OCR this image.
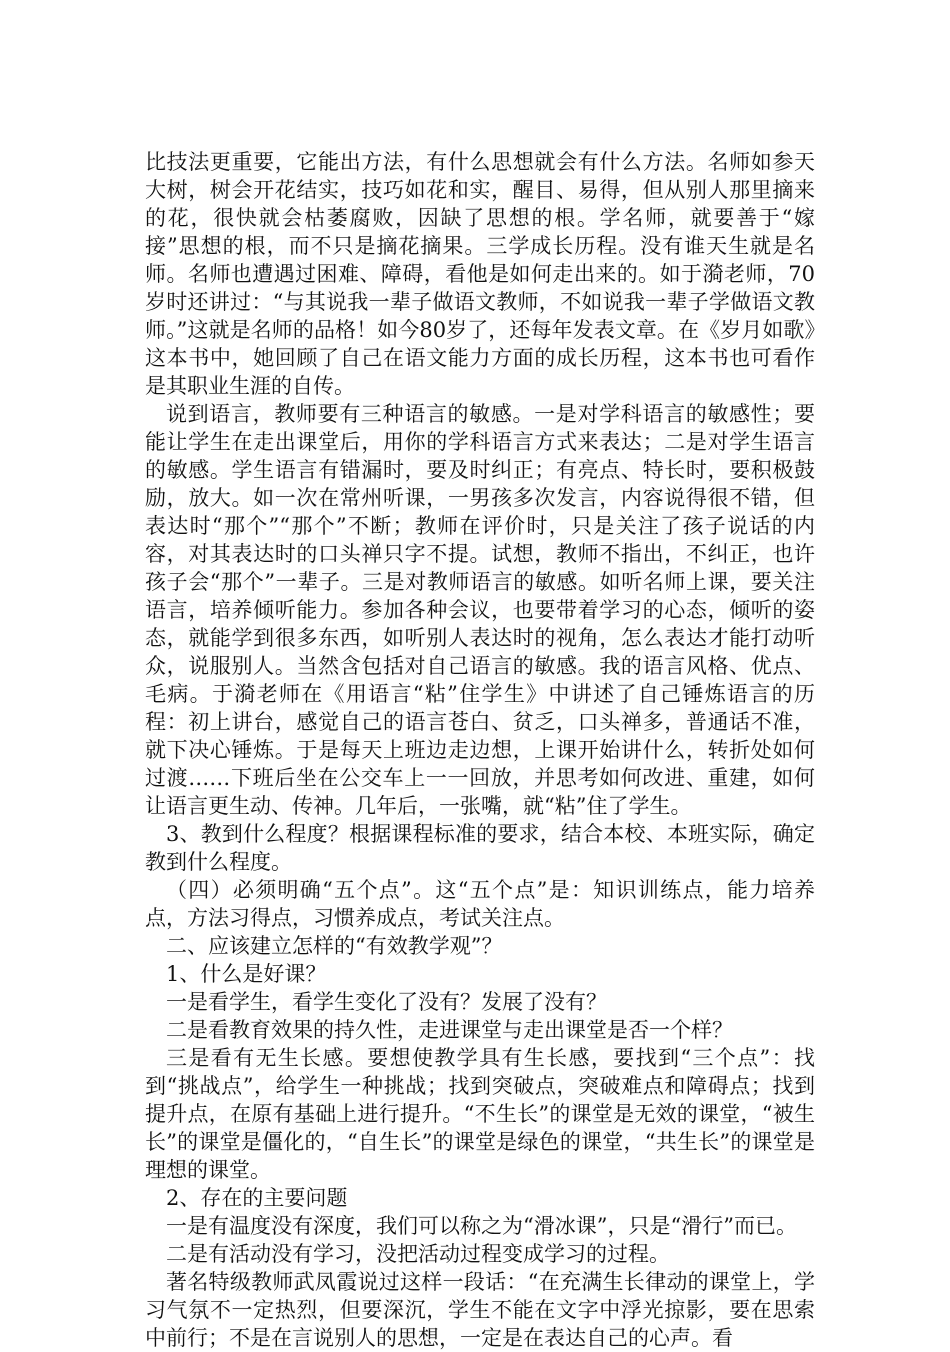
比技法更重要，它能出方法，有什么思想就会有什么方法。名师如参天大树，树会开花结实，技巧如花和实，醒目、易得，但从别人那里摘来的花，很快就会枯萎腐败，因缺了思想的根。学名师，就要善于“嫁接”思想的根，而不只是摘花摘果。三学成长历程。没有谁天生就是名师。名师也遭遇过困难、障碍，看他是如何走出来的。如于漪老师，70岁时还讲过：“与其说我一辈子做语文教师，不如说我一辈子学做语文教师。”这就是名师的品格！如今80岁了，还每年发表文章。在《岁月如歌》这本书中，她回顾了自己在语文能力方面的成长历程，这本书也可看作是其职业生涯的自传。

说到语言，教师要有三种语言的敏感。一是对学科语言的敏感性；要能让学生在走出课堂后，用你的学科语言方式来表达；二是对学生语言的敏感。学生语言有错漏时，要及时纠正；有亮点、特长时，要积极鼓励，放大。如一次在常州听课，一男孩多次发言，内容说得很不错，但表达时“那个”“那个”不断；教师在评价时，只是关注了孩子说话的内容，对其表达时的口头禅只字不提。试想，教师不指出，不纠正，也许孩子会“那个”一辈子。三是对教师语言的敏感。如听名师上课，要关注语言，培养倾听能力。参加各种会议，也要带着学习的心态，倾听的姿态，就能学到很多东西，如听别人表达时的视角，怎么表达才能打动听众，说服别人。当然含包括对自己语言的敏感。我的语言风格、优点、毛病。于漪老师在《用语言“粘”住学生》中讲述了自己锤炼语言的历程：初上讲台，感觉自己的语言苍白、贫乏，口头禅多，普通话不准，就下决心锤炼。于是每天上班边走边想，上课开始讲什么，转折处如何过渡……下班后坐在公交车上一一回放，并思考如何改进、重建，如何让语言更生动、传神。几年后，一张嘴，就“粘”住了学生。

3、教到什么程度？根据课程标准的要求，结合本校、本班实际，确定教到什么程度。

（四）必须明确“五个点”。这“五个点”是：知识训练点，能力培养点，方法习得点，习惯养成点，考试关注点。

二、应该建立怎样的“有效教学观”？

1、什么是好课？

一是看学生，看学生变化了没有？发展了没有？

二是看教育效果的持久性，走进课堂与走出课堂是否一个样？

三是看有无生长感。要想使教学具有生长感，要找到“三个点”：找到“挑战点”，给学生一种挑战；找到突破点，突破难点和障碍点；找到提升点，在原有基础上进行提升。“不生长”的课堂是无效的课堂，“被生长”的课堂是僵化的，“自生长”的课堂是绿色的课堂，“共生长”的课堂是理想的课堂。

2、存在的主要问题

一是有温度没有深度，我们可以称之为“滑冰课”，只是“滑行”而已。

二是有活动没有学习，没把活动过程变成学习的过程。

著名特级教师武凤霞说过这样一段话：“在充满生长律动的课堂上，学习气氛不一定热烈，但要深沉，学生不能在文字中浮光掠影，要在思索中前行；不是在言说别人的思想，一定是在表达自己的心声。看
